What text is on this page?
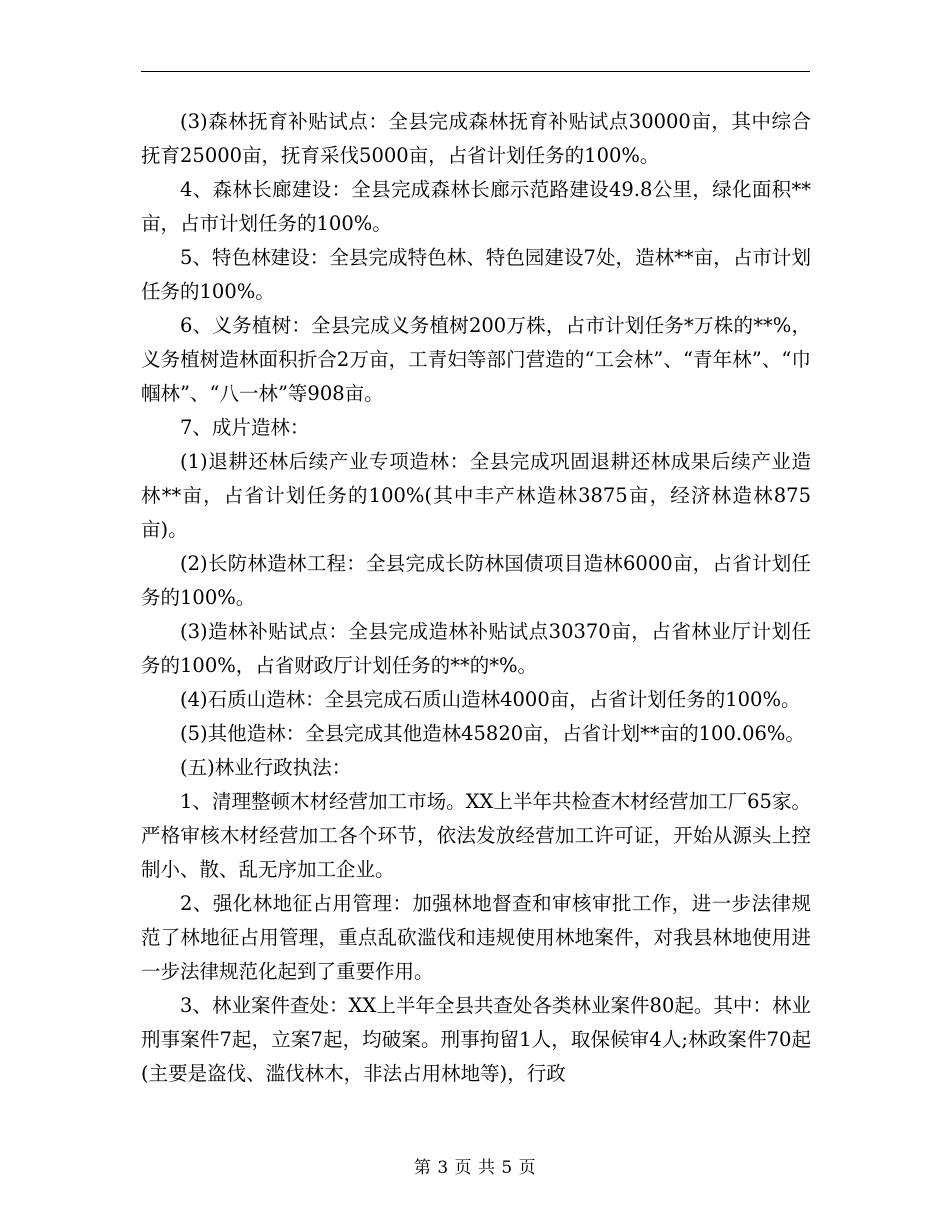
(3)森林抚育补贴试点：全县完成森林抚育补贴试点30000亩，其中综合抚育25000亩，抚育采伐5000亩，占省计划任务的100%。

4、森林长廊建设：全县完成森林长廊示范路建设49.8公里，绿化面积**亩，占市计划任务的100%。

5、特色林建设：全县完成特色林、特色园建设7处，造林**亩，占市计划任务的100%。

6、义务植树：全县完成义务植树200万株，占市计划任务*万株的**%，义务植树造林面积折合2万亩，工青妇等部门营造的“工会林”、“青年林”、“巾帼林”、“八一林”等908亩。

7、成片造林：

(1)退耕还林后续产业专项造林：全县完成巩固退耕还林成果后续产业造林**亩，占省计划任务的100%(其中丰产林造林3875亩，经济林造林875亩)。

(2)长防林造林工程：全县完成长防林国债项目造林6000亩，占省计划任务的100%。

(3)造林补贴试点：全县完成造林补贴试点30370亩，占省林业厅计划任务的100%，占省财政厅计划任务的**的*%。

(4)石质山造林：全县完成石质山造林4000亩，占省计划任务的100%。

(5)其他造林：全县完成其他造林45820亩，占省计划**亩的100.06%。

(五)林业行政执法：

1、清理整顿木材经营加工市场。XX上半年共检查木材经营加工厂65家。严格审核木材经营加工各个环节，依法发放经营加工许可证，开始从源头上控制小、散、乱无序加工企业。

2、强化林地征占用管理：加强林地督查和审核审批工作，进一步法律规范了林地征占用管理，重点乱砍滥伐和违规使用林地案件，对我县林地使用进一步法律规范化起到了重要作用。

3、林业案件查处：XX上半年全县共查处各类林业案件80起。其中：林业刑事案件7起，立案7起，均破案。刑事拘留1人，取保候审4人;林政案件70起(主要是盗伐、滥伐林木，非法占用林地等)，行政

第 3 页 共 5 页
